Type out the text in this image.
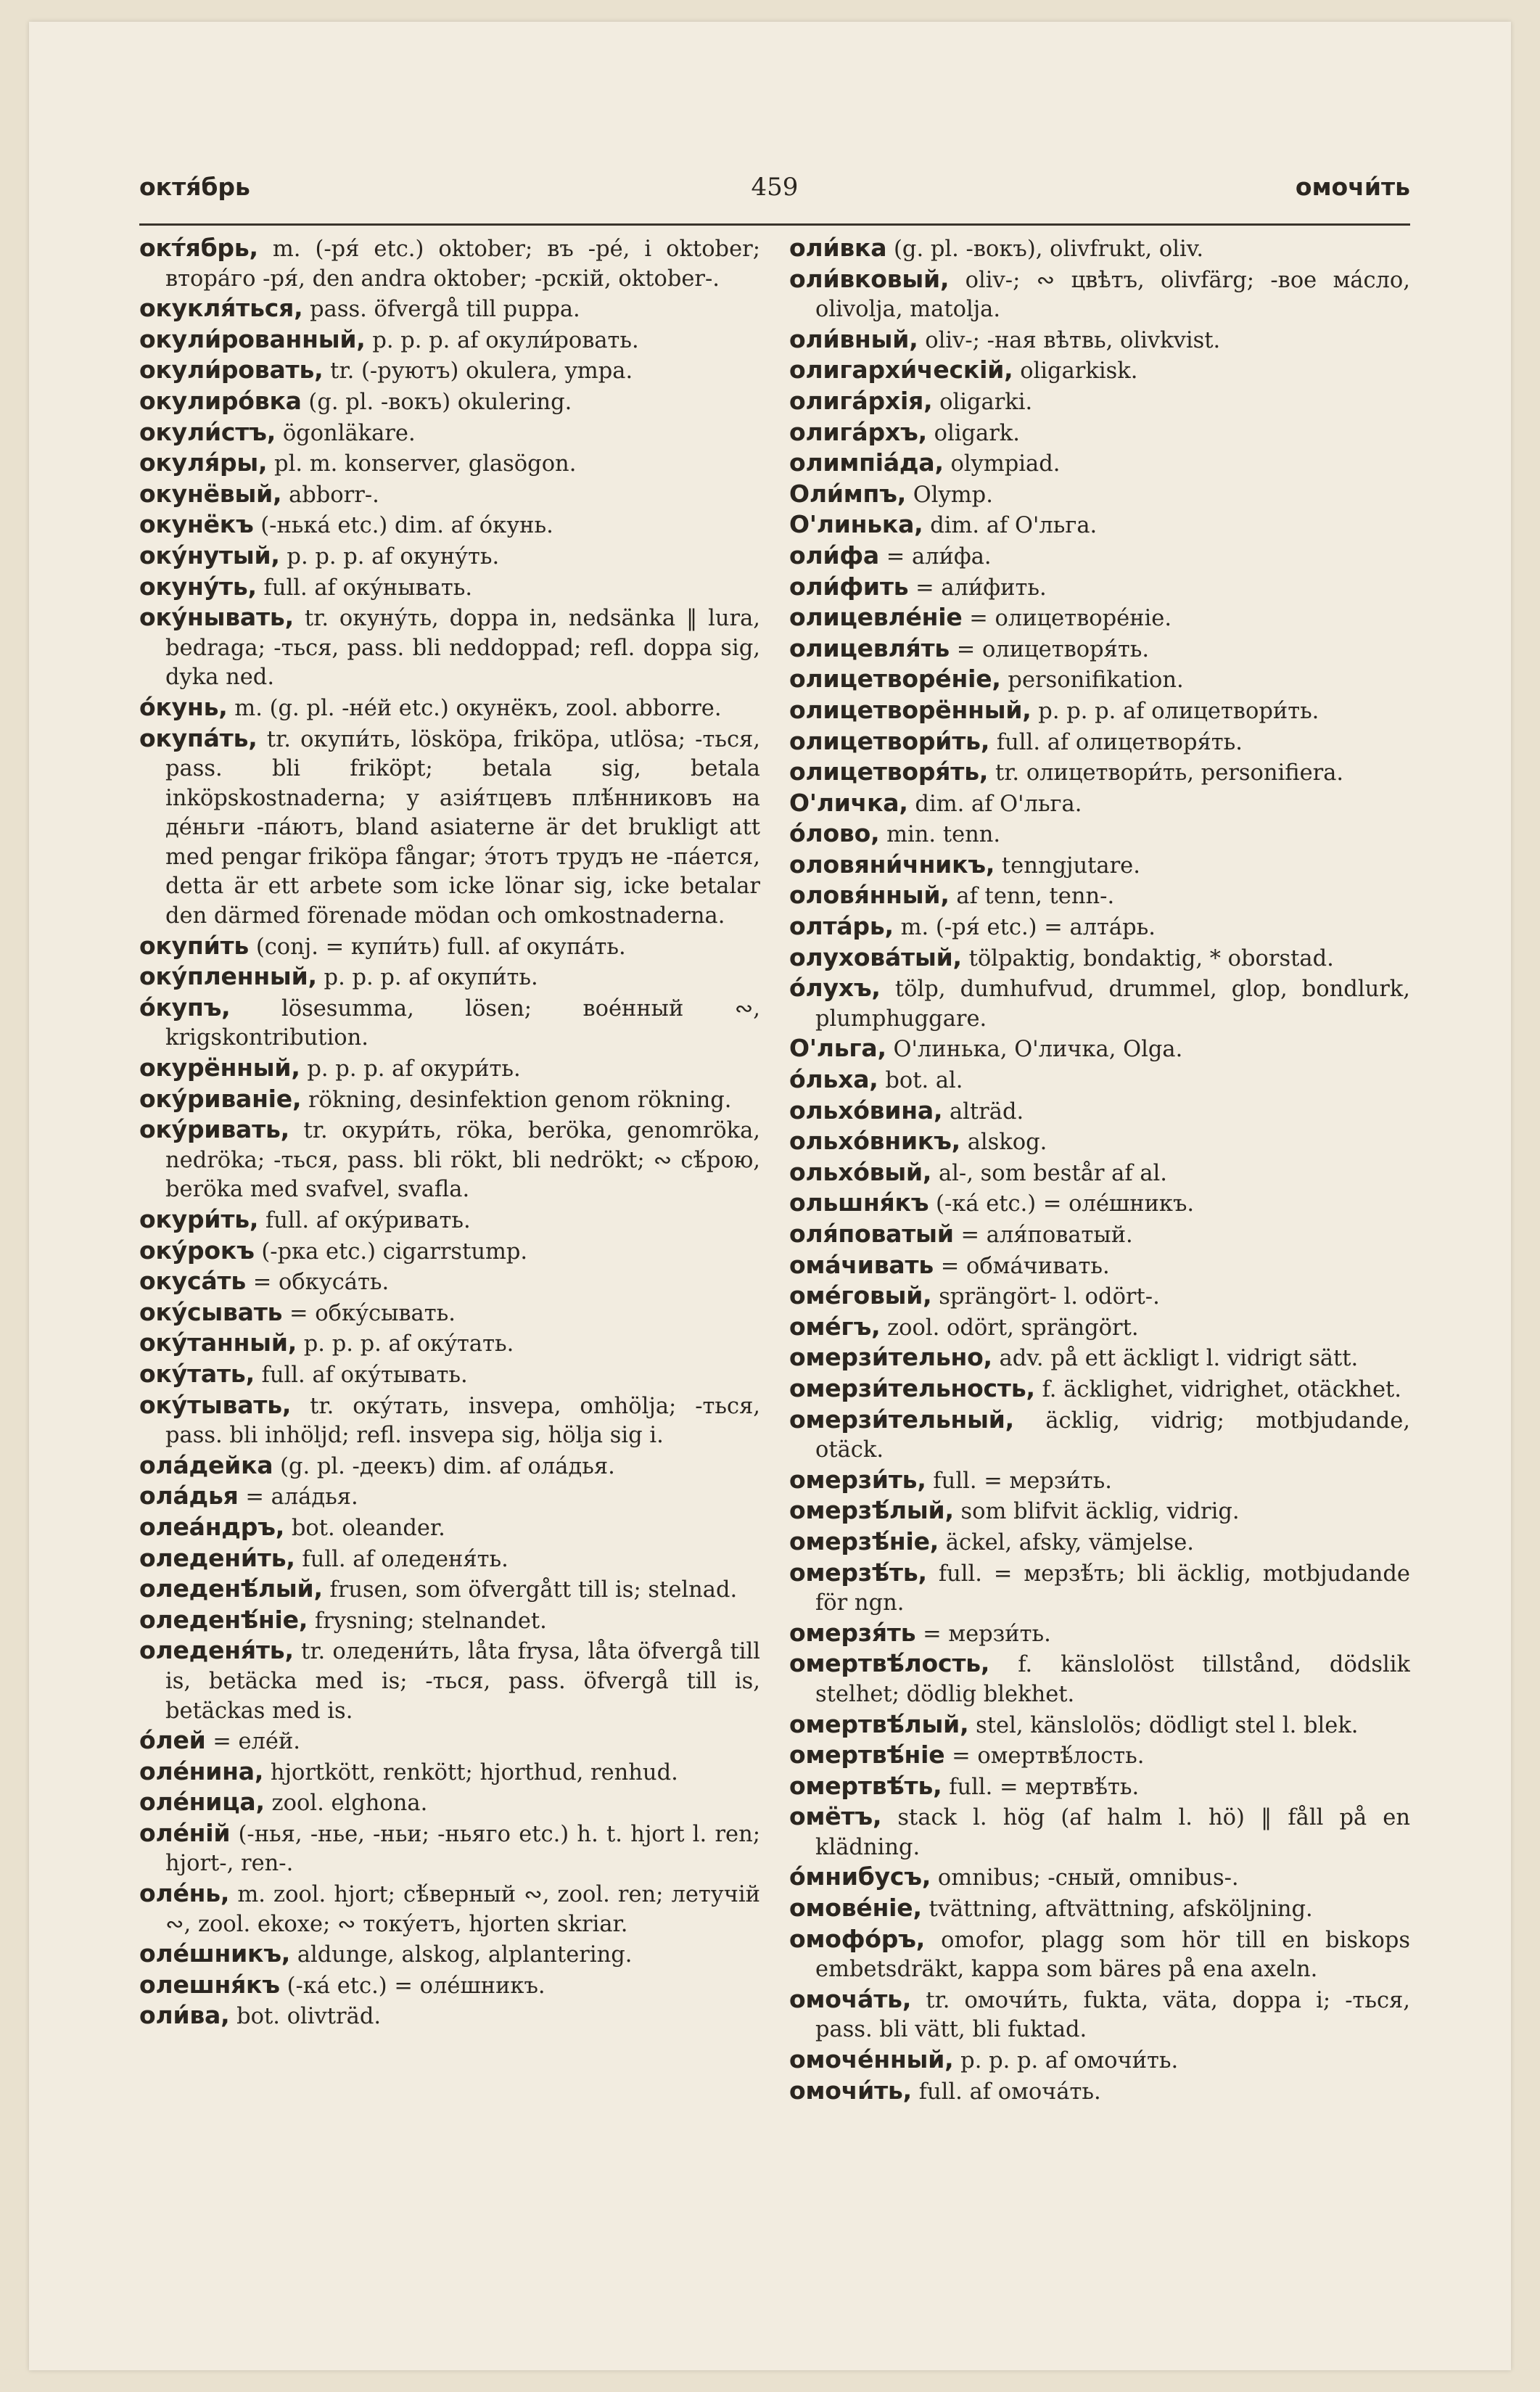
октя́брь	459	омочи́ть

окт́ябрь, m. (-ря́ etc.) oktober; въ -ре́, i oktober; втора́го -ря́, den andra oktober; -рскій, oktober-.

окукля́ться, pass. öfvergå till puppa.

окули́рованный, p. p. p. af окули́ровать.

окули́ровать, tr. (-руютъ) okulera, ympa.

окулиро́вка (g. pl. -вокъ) okulering.

окули́стъ, ögonläkare.

окуля́ры, pl. m. konserver, glasögon.

окунёвый, abborr-.

окунёкъ (-нька́ etc.) dim. af о́кунь.

оку́нутый, p. p. p. af окуну́ть.

окуну́ть, full. af оку́нывать.

оку́нывать, tr. окуну́ть, doppa in, nedsänka ‖ lura, bedraga; -ться, pass. bli neddoppad; refl. doppa sig, dyka ned.

о́кунь, m. (g. pl. -не́й etc.) окунёкъ, zool. abborre.

окупа́ть, tr. окупи́ть, lösköpa, friköpa, utlösa; -ться, pass. bli friköpt; betala sig, betala inköpskostnaderna; у азія́тцевъ плѣ́нниковъ на де́ньги -па́ютъ, bland asiaterne är det brukligt att med pengar friköpa fångar; э́тотъ трудъ не -па́ется, detta är ett arbete som icke lönar sig, icke betalar den därmed förenade mödan och omkostnaderna.

окупи́ть (conj. = купи́ть) full. af окупа́ть.

оку́пленный, p. p. p. af окупи́ть.

о́купъ, lösesumma, lösen; вое́нный ∾, krigskontribution.

окурённый, p. p. p. af окури́ть.

оку́риваніе, rökning, desinfektion genom rökning.

оку́ривать, tr. окури́ть, röka, beröka, genomröka, nedröka; -ться, pass. bli rökt, bli nedrökt; ∾ сѣ́рою, beröka med svafvel, svafla.

окури́ть, full. af оку́ривать.

оку́рокъ (-рка etc.) cigarrstump.

окуса́ть = обкуса́ть.

оку́сывать = обку́сывать.

оку́танный, p. p. p. af оку́тать.

оку́тать, full. af оку́тывать.

оку́тывать, tr. оку́тать, insvepa, omhölja; -ться, pass. bli inhöljd; refl. insvepa sig, hölja sig i.

ола́дейка (g. pl. -деекъ) dim. af ола́дья.

ола́дья = ала́дья.

олеа́ндръ, bot. oleander.

оледени́ть, full. af оледеня́ть.

оледенѣ́лый, frusen, som öfvergått till is; stelnad.

оледенѣ́ніе, frysning; stelnandet.

оледеня́ть, tr. оледени́ть, låta frysa, låta öfvergå till is, betäcka med is; -ться, pass. öfvergå till is, betäckas med is.

о́лей = еле́й.

оле́нина, hjortkött, renkött; hjorthud, renhud.

оле́ница, zool. elghona.

оле́ній (-нья, -нье, -ньи; -ньяго etc.) h. t. hjort l. ren; hjort-, ren-.

оле́нь, m. zool. hjort; сѣ́верный ∾, zool. ren; летучій ∾, zool. ekoxe; ∾ току́етъ, hjorten skriar.

оле́шникъ, aldunge, alskog, alplantering.

олешня́къ (-ка́ etc.) = оле́шникъ.

оли́ва, bot. olivträd.

оли́вка (g. pl. -вокъ), olivfrukt, oliv.

оли́вковый, oliv-; ∾ цвѣтъ, olivfärg; -вое ма́сло, olivolja, matolja.

оли́вный, oliv-; -ная вѣтвь, olivkvist.

олигархи́ческій, oligarkisk.

олига́рхія, oligarki.

олига́рхъ, oligark.

олимпіа́да, olympiad.

Оли́мпъ, Olymp.

О'линька, dim. af О'льга.

оли́фа = али́фа.

оли́фить = али́фить.

олицевле́ніе = олицетворе́ніе.

олицевля́ть = олицетворя́ть.

олицетворе́ніе, personifikation.

олицетворённый, p. p. p. af олицетвори́ть.

олицетвори́ть, full. af олицетворя́ть.

олицетворя́ть, tr. олицетвори́ть, personifiera.

О'личка, dim. af О'льга.

о́лово, min. tenn.

оловяни́чникъ, tenngjutare.

оловя́нный, af tenn, tenn-.

олта́рь, m. (-ря́ etc.) = алта́рь.

олухова́тый, tölpaktig, bondaktig, * oborstad.

о́лухъ, tölp, dumhufvud, drummel, glop, bondlurk, plumphuggare.

О'льга, О'линька, О'личка, Olga.

о́льха, bot. al.

ольхо́вина, alträd.

ольхо́вникъ, alskog.

ольхо́вый, al-, som består af al.

ольшня́къ (-ка́ etc.) = оле́шникъ.

оля́поватый = аля́поватый.

ома́чивать = обма́чивать.

оме́говый, sprängört- l. odört-.

оме́гъ, zool. odört, sprängört.

омерзи́тельно, adv. på ett äckligt l. vidrigt sätt.

омерзи́тельность, f. äcklighet, vidrighet, otäckhet.

омерзи́тельный, äcklig, vidrig; motbjudande, otäck.

омерзи́ть, full. = мерзи́ть.

омерзѣ́лый, som blifvit äcklig, vidrig.

омерзѣ́ніе, äckel, afsky, vämjelse.

омерзѣ́ть, full. = мерзѣ́ть; bli äcklig, motbjudande för ngn.

омерзя́ть = мерзи́ть.

омертвѣ́лость, f. känslolöst tillstånd, dödslik stelhet; dödlig blekhet.

омертвѣ́лый, stel, känslolös; dödligt stel l. blek.

омертвѣ́ніе = омертвѣ́лость.

омертвѣ́ть, full. = мертвѣ́ть.

омётъ, stack l. hög (af halm l. hö) ‖ fåll på en klädning.

о́мнибусъ, omnibus; -сный, omnibus-.

омове́ніе, tvättning, aftvättning, afsköljning.

омофо́ръ, omofor, plagg som hör till en biskops embetsdräkt, kappa som bäres på ena axeln.

омоча́ть, tr. омочи́ть, fukta, väta, doppa i; -ться, pass. bli vätt, bli fuktad.

омоче́нный, p. p. p. af омочи́ть.

омочи́ть, full. af омоча́ть.
